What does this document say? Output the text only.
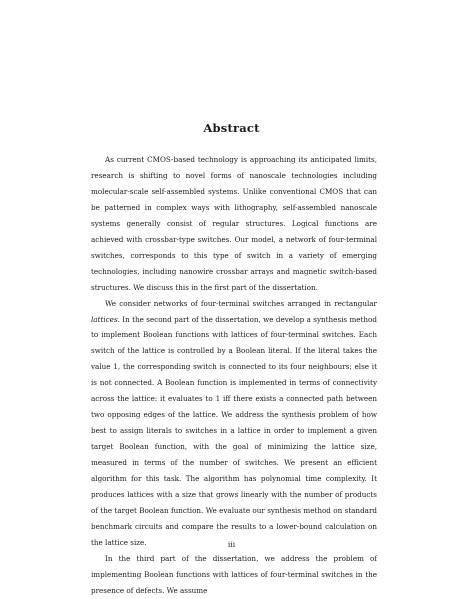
Abstract

As current CMOS-based technology is approaching its anticipated limits, research is shifting to novel forms of nanoscale technologies including molecular-scale self-assembled systems. Unlike conventional CMOS that can be patterned in complex ways with lithography, self-assembled nanoscale systems generally consist of regular structures. Logical functions are achieved with crossbar-type switches. Our model, a network of four-terminal switches, corresponds to this type of switch in a variety of emerging technologies, including nanowire crossbar arrays and magnetic switch-based structures. We discuss this in the first part of the dissertation.

We consider networks of four-terminal switches arranged in rectangular lattices. In the second part of the dissertation, we develop a synthesis method to implement Boolean functions with lattices of four-terminal switches. Each switch of the lattice is controlled by a Boolean literal. If the literal takes the value 1, the corresponding switch is connected to its four neighbours; else it is not connected. A Boolean function is implemented in terms of connectivity across the lattice: it evaluates to 1 iff there exists a connected path between two opposing edges of the lattice. We address the synthesis problem of how best to assign literals to switches in a lattice in order to implement a given target Boolean function, with the goal of minimizing the lattice size, measured in terms of the number of switches. We present an efficient algorithm for this task. The algorithm has polynomial time complexity. It produces lattices with a size that grows linearly with the number of products of the target Boolean function. We evaluate our synthesis method on standard benchmark circuits and compare the results to a lower-bound calculation on the lattice size.

In the third part of the dissertation, we address the problem of implementing Boolean functions with lattices of four-terminal switches in the presence of defects. We assume

iii
